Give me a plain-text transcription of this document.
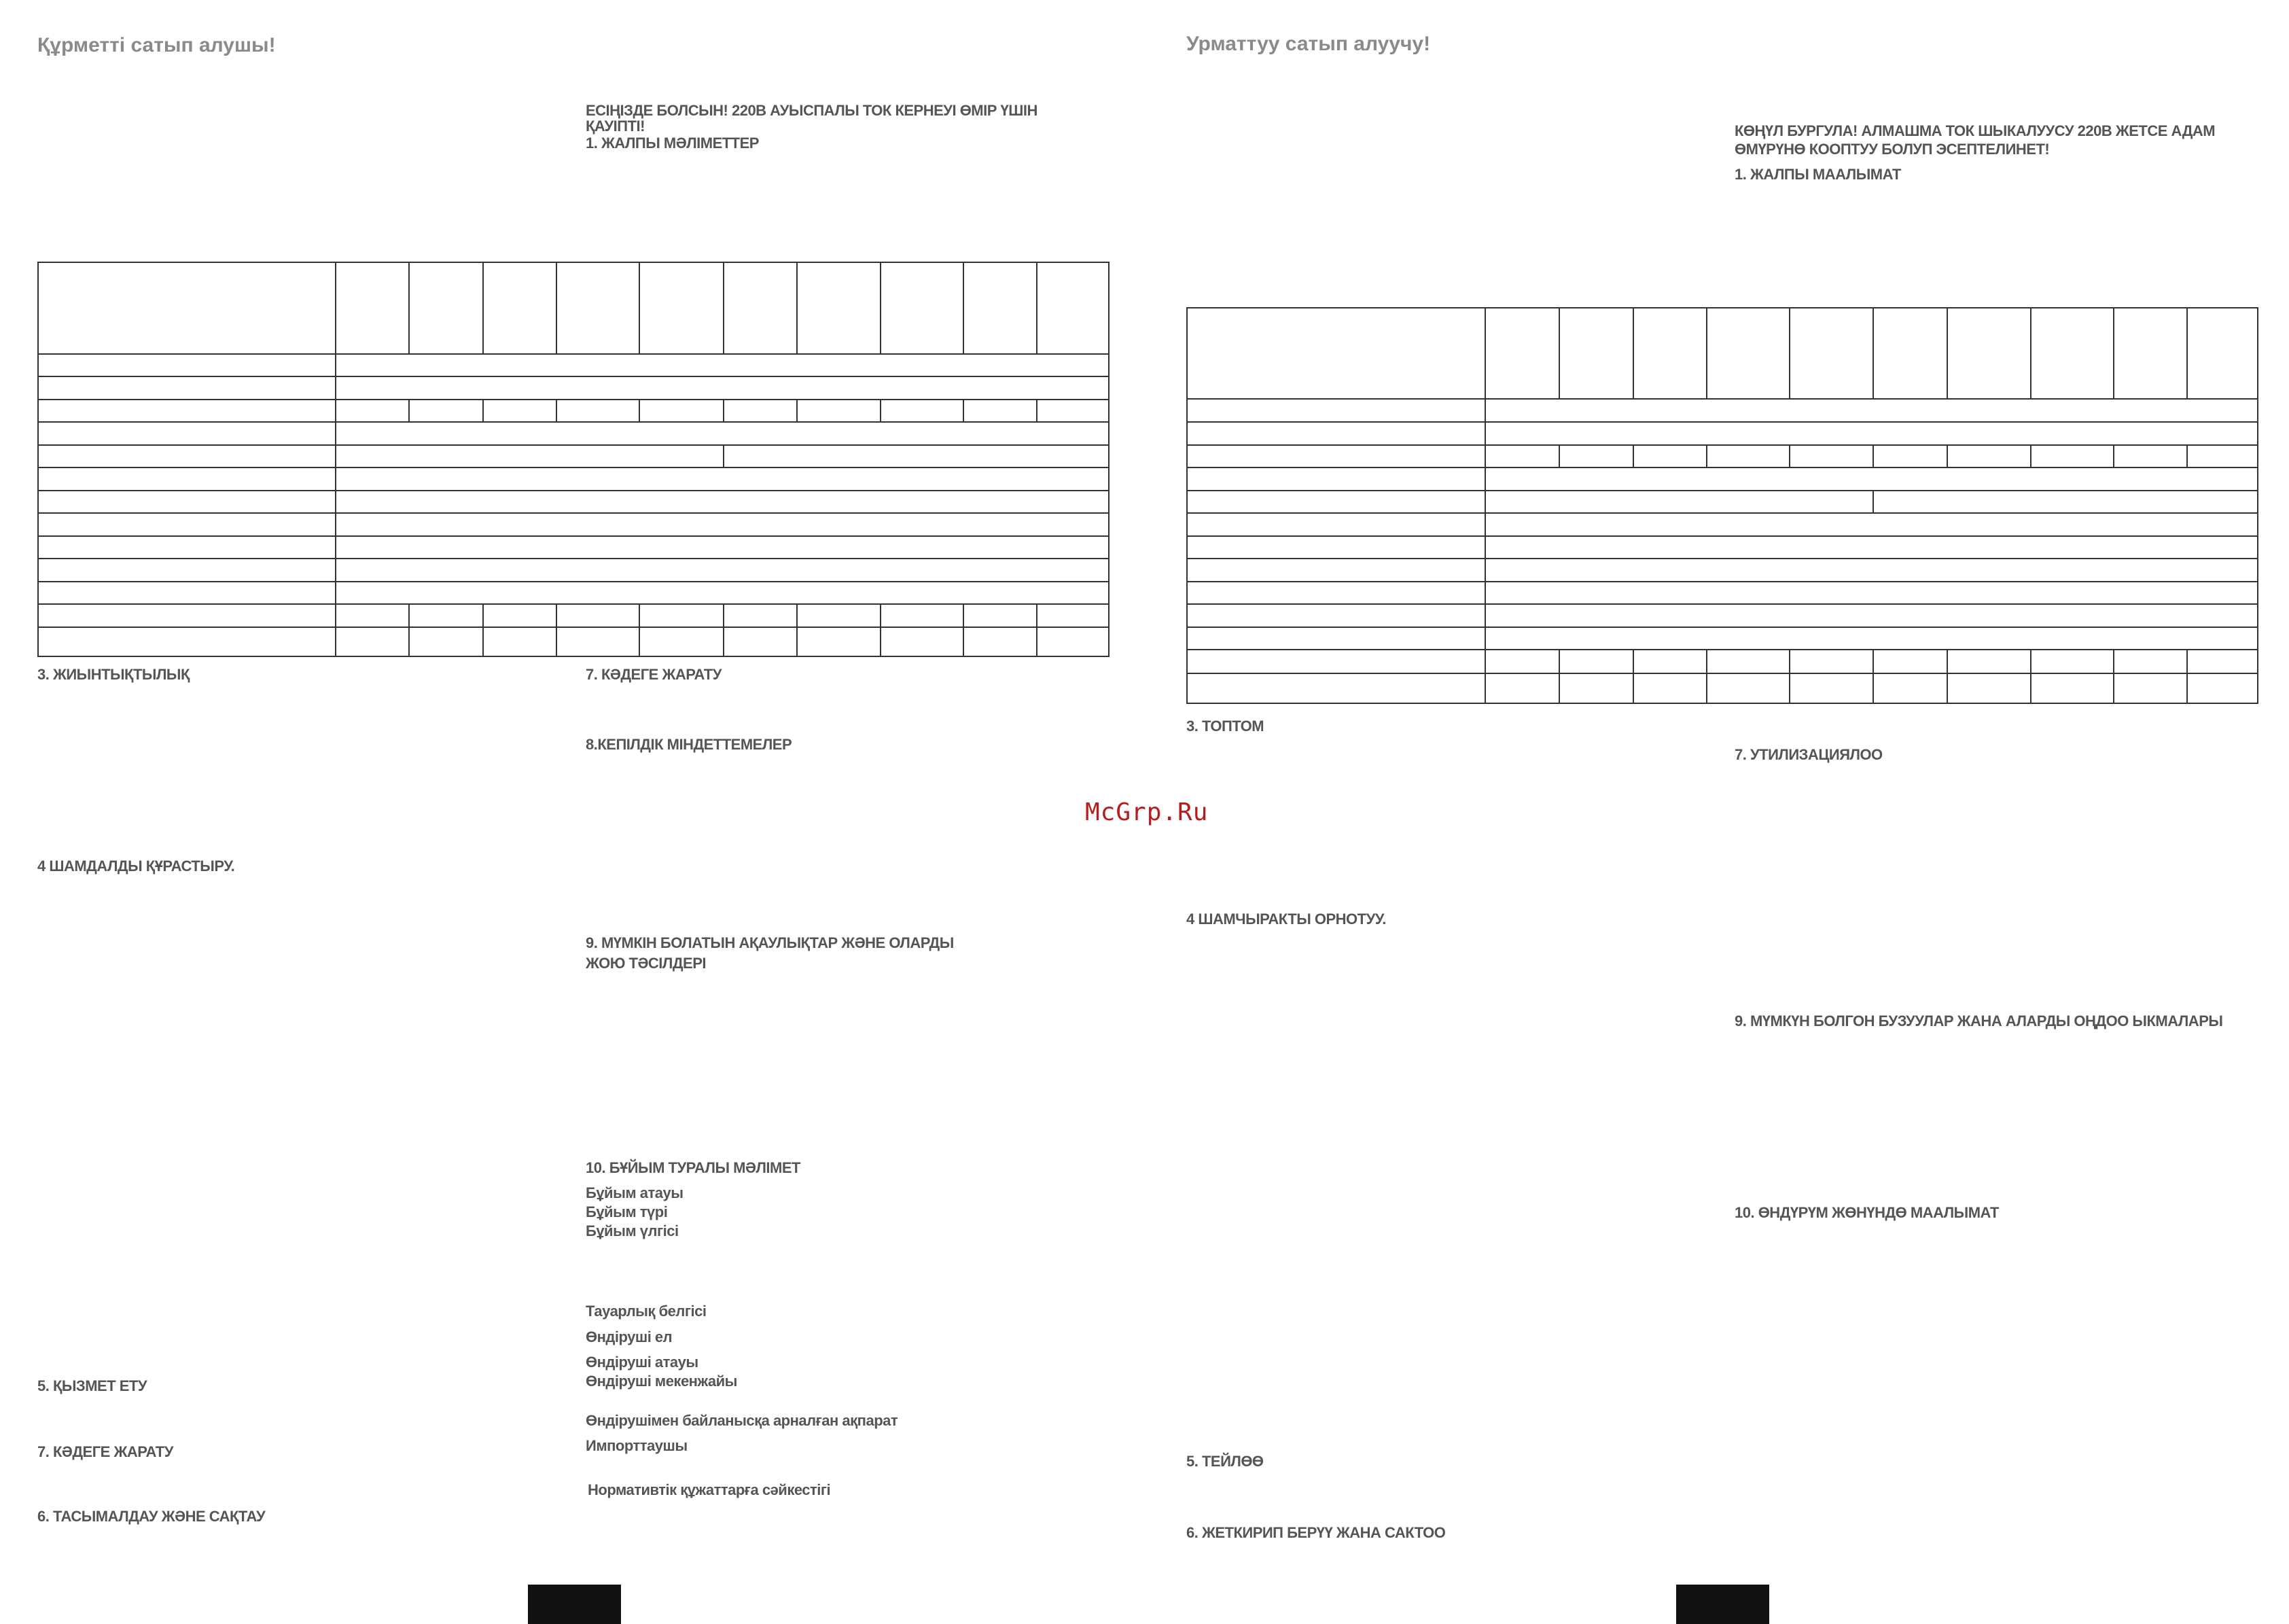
Құрметті сатып алушы!
ЕСІҢІЗДЕ БОЛСЫН! 220В АУЫСПАЛЫ ТОК КЕРНЕУІ ӨМІР ҮШІН
ҚАУІПТІ!
1. ЖАЛПЫ МӘЛІМЕТТЕР
3. ЖИЫНТЫҚТЫЛЫҚ	7. КӘДЕГЕ ЖАРАТУ
8.КЕПІЛДІК МІНДЕТТЕМЕЛЕР
4 ШАМДАЛДЫ ҚҰРАСТЫРУ.
9. МҮМКІН БОЛАТЫН АҚАУЛЫҚТАР ЖӘНЕ ОЛАРДЫ
ЖОЮ ТӘСІЛДЕРІ
10. БҰЙЫМ ТУРАЛЫ МӘЛІМЕТ
Бұйым атауы
Бұйым түрі
Бұйым үлгісі
Тауарлық белгісі
Өндіруші ел
Өндіруші атауы
Өндіруші мекенжайы
Өндірушімен байланысқа арналған ақпарат
Импорттаушы
Нормативтік құжаттарға сәйкестігі
5. ҚЫЗМЕТ ЕТУ
7. КӘДЕГЕ ЖАРАТУ
6. ТАСЫМАЛДАУ ЖӘНЕ САҚТАУ
McGrp.Ru
Урматтуу сатып алуучу!
КӨҢҮЛ БУРГУЛА! АЛМАШМА ТОК ШЫКАЛУУСУ 220В ЖЕТСЕ АДАМ
ӨМҮРҮНӨ КООПТУУ БОЛУП ЭСЕПТЕЛИНЕТ!
1. ЖАЛПЫ МААЛЫМАТ
3. ТОПТОМ
7. УТИЛИЗАЦИЯЛОО
4 ШАМЧЫРАКТЫ ОРНОТУУ.
9. МҮМКҮН БОЛГОН БУЗУУЛАР ЖАНА АЛАРДЫ ОҢДОО ЫКМАЛАРЫ
10. ӨНДҮРҮМ ЖӨНҮНДӨ МААЛЫМАТ
5. ТЕЙЛӨӨ
6. ЖЕТКИРИП БЕРҮҮ ЖАНА САКТОО
